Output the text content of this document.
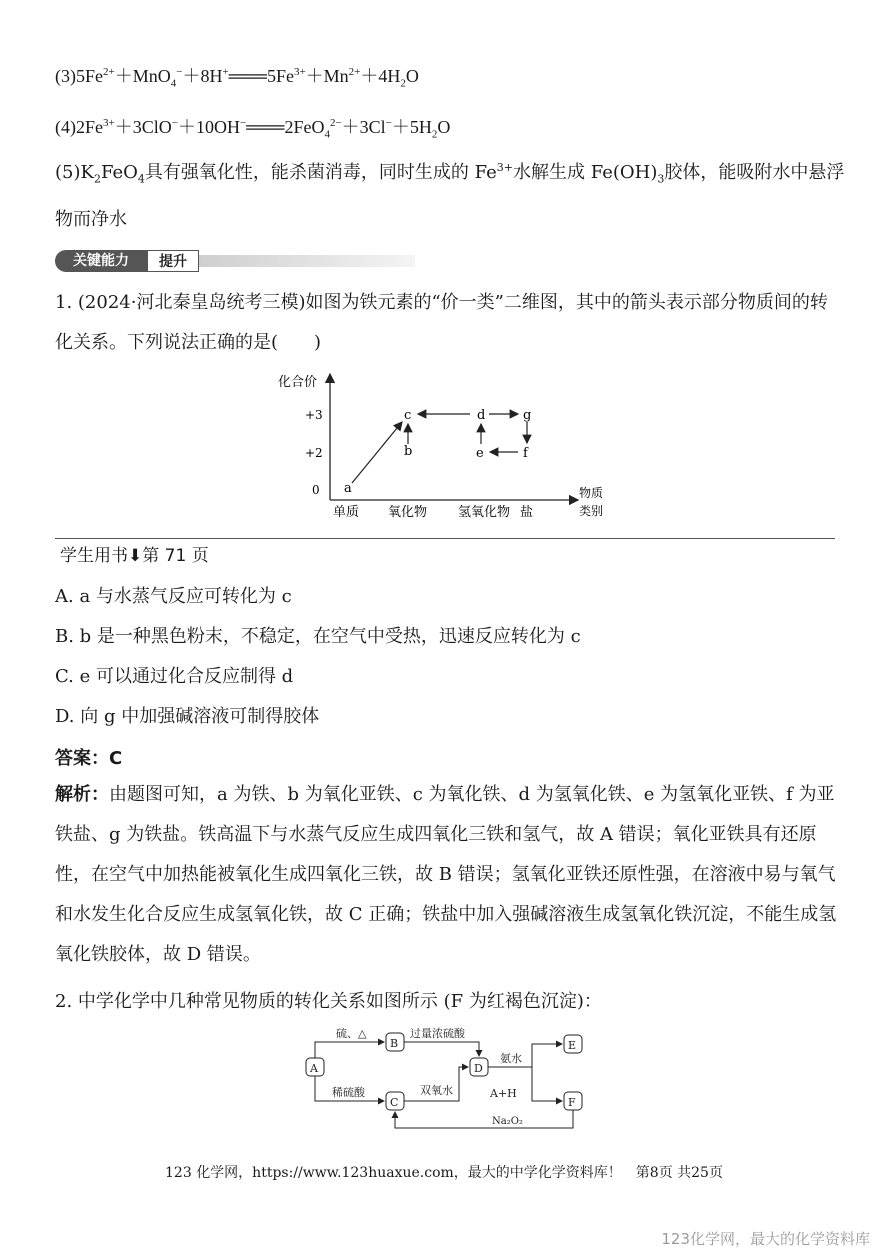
$(3)5Fe^{2+}+MnO_4^-+8H^+═══5Fe^{3+}+Mn^{2+}+4H_2O$
$(4)2Fe^{3+}+3ClO^-+10OH^-═══2FeO_4^{2-}+3Cl^-+5H_2O$
$(5)K_2FeO_4$具有强氧化性，能杀菌消毒，同时生成的 $Fe^{3+}$水解生成 $Fe(OH)_3$胶体，能吸附水中悬浮物而净水
关键能力	提升
1. (2024·河北秦皇岛统考三模)如图为铁元素的“价一类”二维图，其中的箭头表示部分物质间的转化关系。下列说法正确的是(　　)
化合价
+3
+2
0
单质 氧化物 氢氧化物 盐
物质
类别
a
b
c	d
e	f
g
学生用书⬇第 71 页
A. a 与水蒸气反应可转化为 c
B. b 是一种黑色粉末，不稳定，在空气中受热，迅速反应转化为 c
C. e 可以通过化合反应制得 d
D. 向 g 中加强碱溶液可制得胶体
答案：C
解析：由题图可知，a 为铁、b 为氧化亚铁、c 为氧化铁、d 为氢氧化铁、e 为氢氧化亚铁、f 为亚铁盐、g 为铁盐。铁高温下与水蒸气反应生成四氧化三铁和氢气，故 A 错误；氧化亚铁具有还原性，在空气中加热能被氧化生成四氧化三铁，故 B 错误；氢氧化亚铁还原性强，在溶液中易与氧气和水发生化合反应生成氢氧化铁，故 C 正确；铁盐中加入强碱溶液生成氢氧化铁沉淀，不能生成氢氧化铁胶体，故 D 错误。
2. 中学化学中几种常见物质的转化关系如图所示 (F 为红褐色沉淀)：
A
B
C
D
E
F
硫、△
稀硫酸
过量浓硫酸
双氧水
氨水
A+H
Na₂O₂
123 化学网，https://www.123huaxue.com，最大的中学化学资料库！　第8页 共25页
123化学网，最大的化学资料库
